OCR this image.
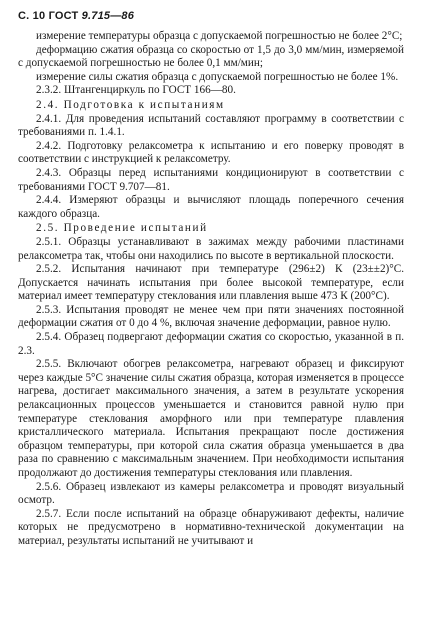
С. 10 ГОСТ 9.715—86

измерение температуры образца с допускаемой погрешностью не более 2°С;

деформацию сжатия образца со скоростью от 1,5 до 3,0 мм/мин, измеряемой с допускаемой погрешностью не более 0,1 мм/мин;

измерение силы сжатия образца с допускаемой погрешностью не более 1%.

2.3.2. Штангенциркуль по ГОСТ 166—80.

2.4. Подготовка к испытаниям

2.4.1. Для проведения испытаний составляют программу в соответствии с требованиями п. 1.4.1.

2.4.2. Подготовку релаксометра к испытанию и его поверку проводят в соответствии с инструкцией к релаксометру.

2.4.3. Образцы перед испытаниями кондиционируют в соответствии с требованиями ГОСТ 9.707—81.

2.4.4. Измеряют образцы и вычисляют площадь поперечного сечения каждого образца.

2.5. Проведение испытаний

2.5.1. Образцы устанавливают в зажимах между рабочими пластинами релаксометра так, чтобы они находились по высоте в вертикальной плоскости.

2.5.2. Испытания начинают при температуре (296±2) К (23±±2)°С. Допускается начинать испытания при более высокой температуре, если материал имеет температуру стеклования или плавления выше 473 К (200°С).

2.5.3. Испытания проводят не менее чем при пяти значениях постоянной деформации сжатия от 0 до 4 %, включая значение деформации, равное нулю.

2.5.4. Образец подвергают деформации сжатия со скоростью, указанной в п. 2.3.

2.5.5. Включают обогрев релаксометра, нагревают образец и фиксируют через каждые 5°С значение силы сжатия образца, которая изменяется в процессе нагрева, достигает максимального значения, а затем в результате ускорения релаксационных процессов уменьшается и становится равной нулю при температуре стеклования аморфного или при температуре плавления кристаллического материала. Испытания прекращают после достижения образцом температуры, при которой сила сжатия образца уменьшается в два раза по сравнению с максимальным значением. При необходимости испытания продолжают до достижения температуры стеклования или плавления.

2.5.6. Образец извлекают из камеры релаксометра и проводят визуальный осмотр.

2.5.7. Если после испытаний на образце обнаруживают дефекты, наличие которых не предусмотрено в нормативно-технической документации на материал, результаты испытаний не учитывают и
